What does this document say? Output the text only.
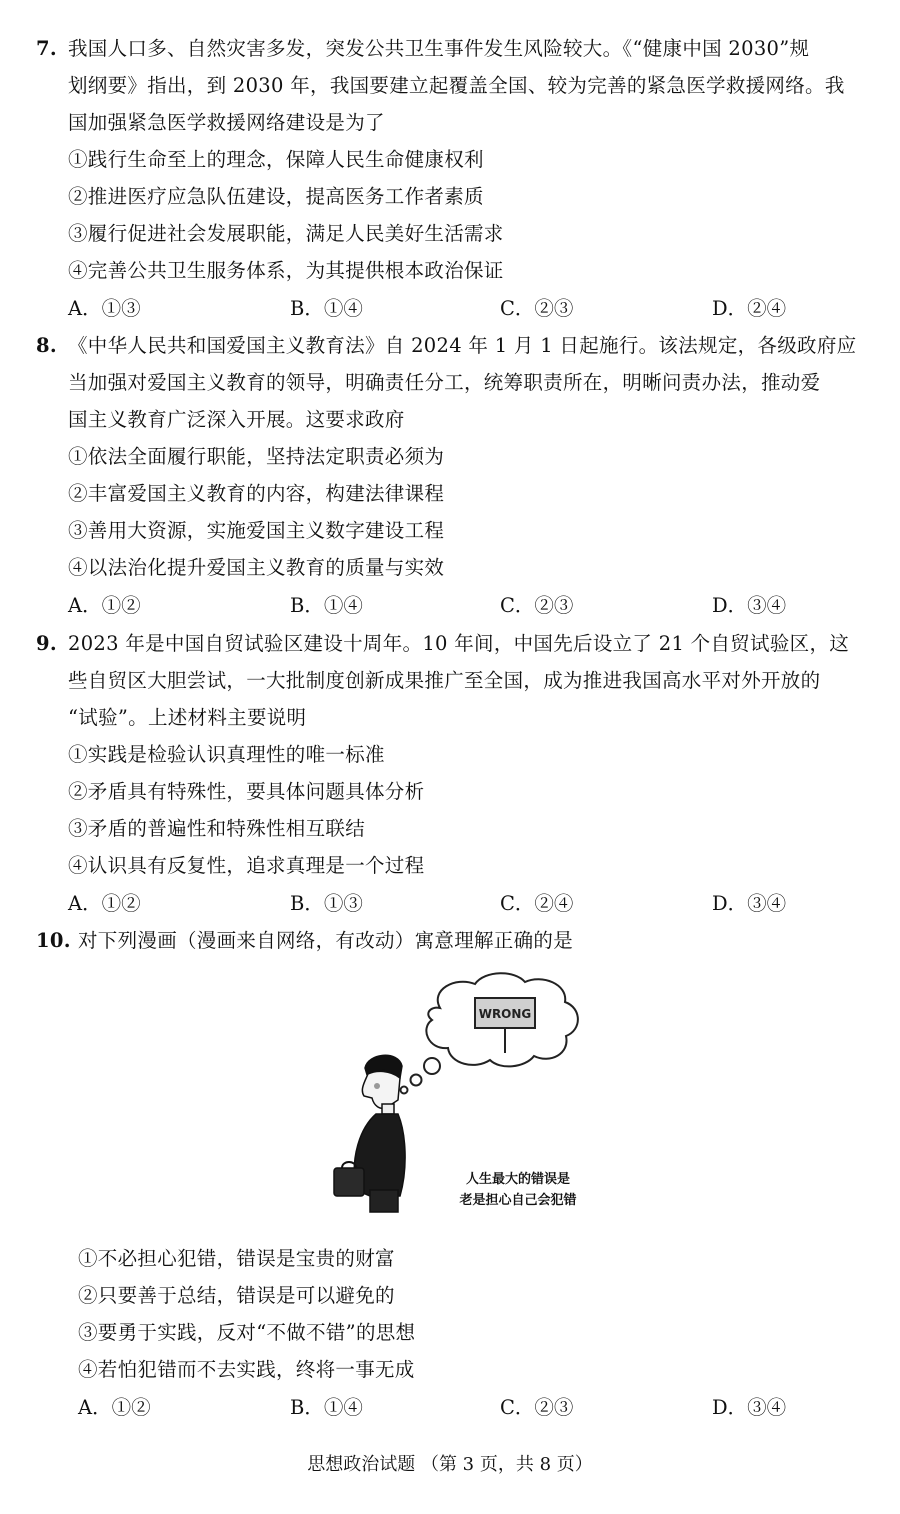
7. 我国人口多、自然灾害多发，突发公共卫生事件发生风险较大。《“健康中国 2030”规
划纲要》指出，到 2030 年，我国要建立起覆盖全国、较为完善的紧急医学救援网络。我
国加强紧急医学救援网络建设是为了
①践行生命至上的理念，保障人民生命健康权利
②推进医疗应急队伍建设，提高医务工作者素质
③履行促进社会发展职能，满足人民美好生活需求
④完善公共卫生服务体系，为其提供根本政治保证
A．①③	B．①④	C．②③	D．②④
8. 《中华人民共和国爱国主义教育法》自 2024 年 1 月 1 日起施行。该法规定，各级政府应
当加强对爱国主义教育的领导，明确责任分工，统筹职责所在，明晰问责办法，推动爱
国主义教育广泛深入开展。这要求政府
①依法全面履行职能，坚持法定职责必须为
②丰富爱国主义教育的内容，构建法律课程
③善用大资源，实施爱国主义数字建设工程
④以法治化提升爱国主义教育的质量与实效
A．①②	B．①④	C．②③	D．③④
9. 2023 年是中国自贸试验区建设十周年。10 年间，中国先后设立了 21 个自贸试验区，这
些自贸区大胆尝试，一大批制度创新成果推广至全国，成为推进我国高水平对外开放的
“试验”。上述材料主要说明
①实践是检验认识真理性的唯一标准
②矛盾具有特殊性，要具体问题具体分析
③矛盾的普遍性和特殊性相互联结
④认识具有反复性，追求真理是一个过程
A．①②	B．①③	C．②④	D．③④
10. 对下列漫画（漫画来自网络，有改动）寓意理解正确的是
WRONG
人生最大的错误是
老是担心自己会犯错
①不必担心犯错，错误是宝贵的财富
②只要善于总结，错误是可以避免的
③要勇于实践，反对“不做不错”的思想
④若怕犯错而不去实践，终将一事无成
A．①②	B．①④	C．②③	D．③④
思想政治试题 （第 3 页，共 8 页）
